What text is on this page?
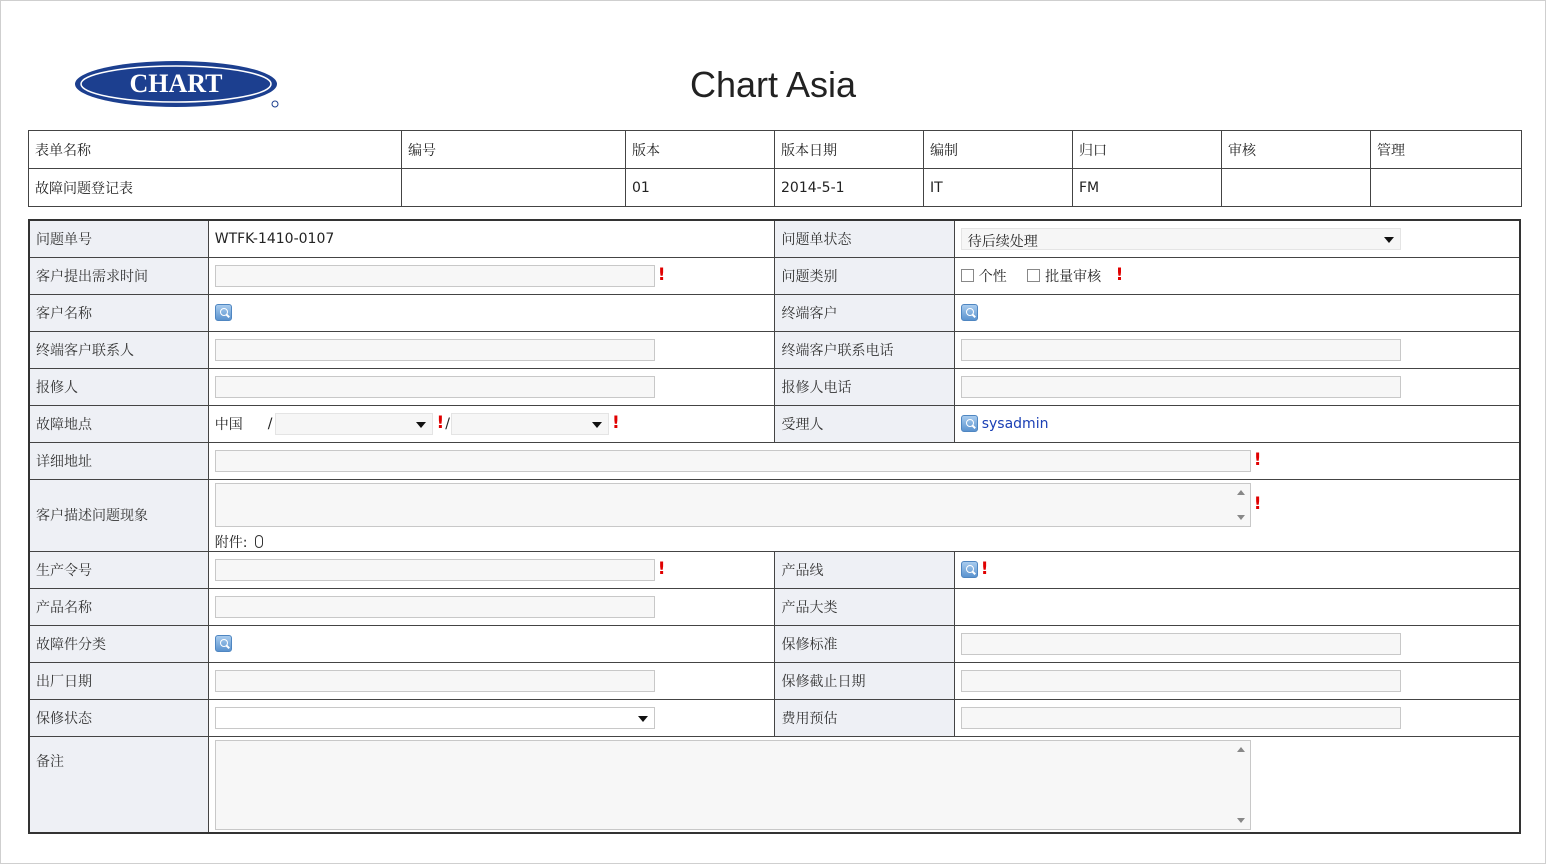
CHART	Chart Asia
表单名称	编号	版本	版本日期	编制	归口	审核	管理
故障问题登记表		01	2014-5-1	IT	FM		
问题单号	WTFK-1410-0107	问题单状态	待后续处理

客户提出需求时间	!	问题类别	个性 批量审核 !
客户名称		终端客户	
终端客户联系人		终端客户联系电话	
报修人		报修人电话	
故障地点	中国 / !/ !	受理人	sysadmin
详细地址	!		
客户描述问题现象	!
附件:		

生产令号	!	产品线	!
产品名称		产品大类	
故障件分类		保修标准	
出厂日期		保修截止日期	
保修状态		费用预估	
备注			
